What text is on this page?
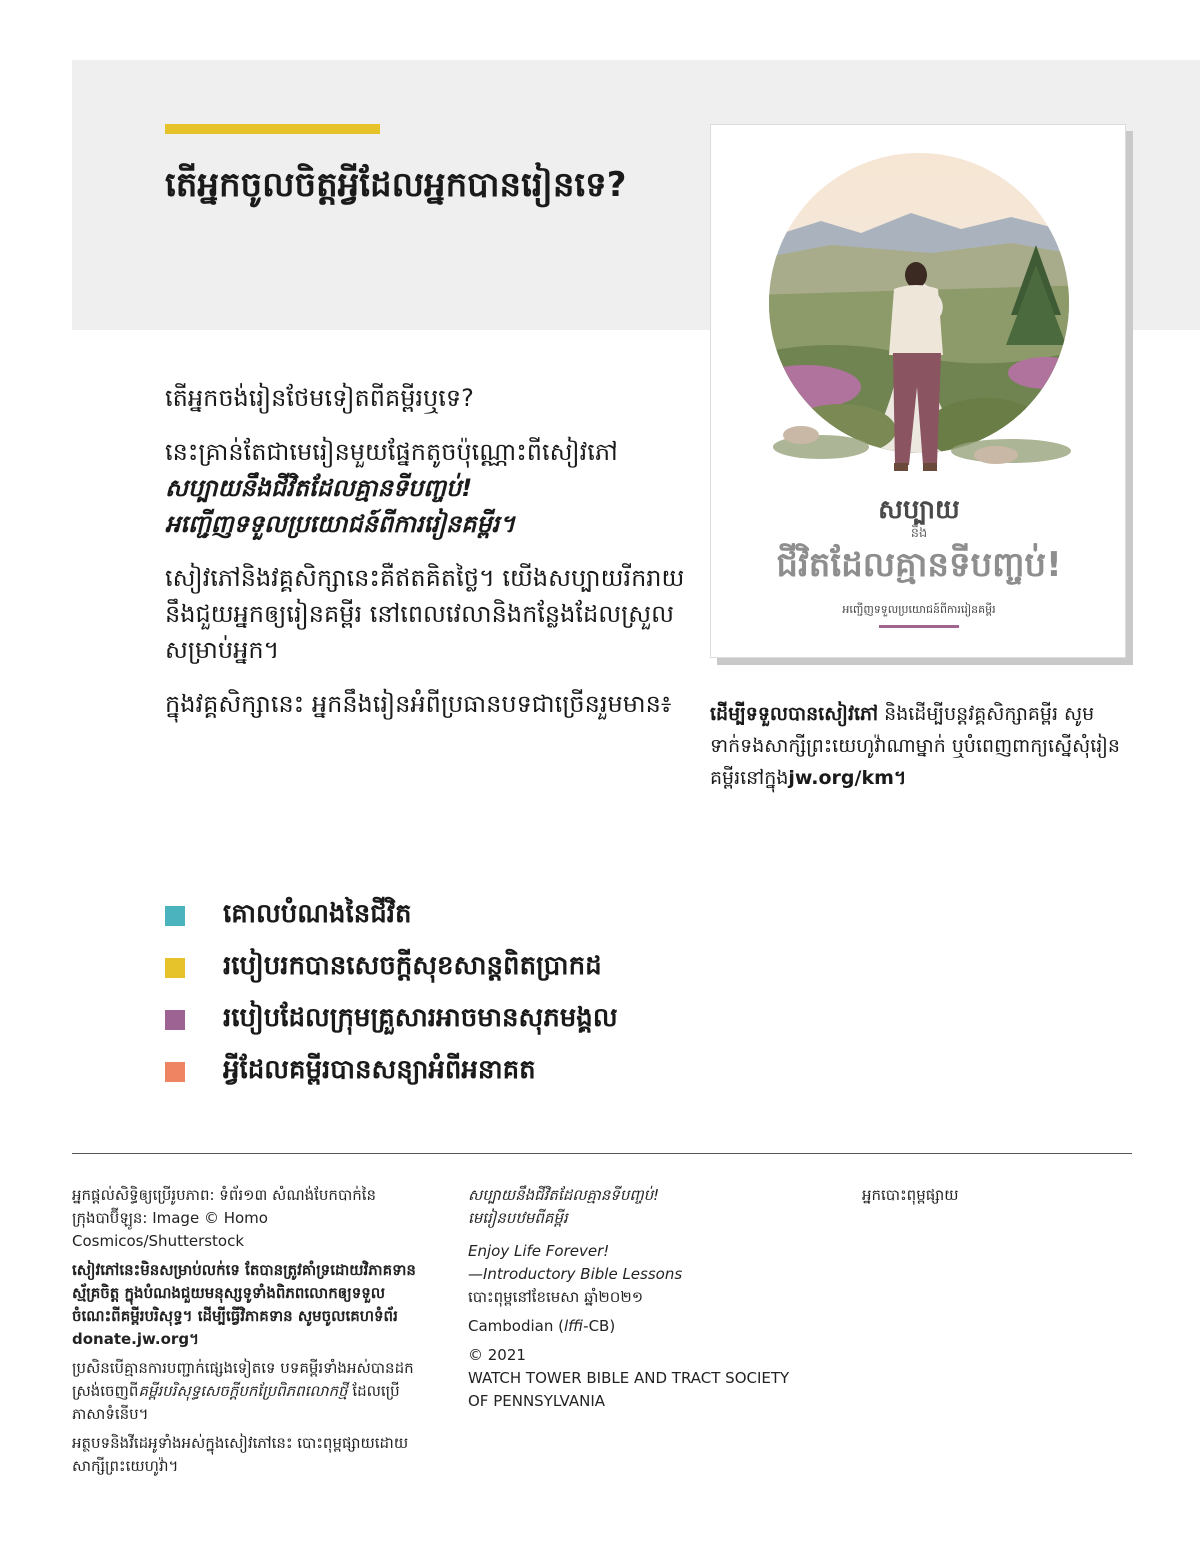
តើអ្នកចូលចិត្តអ្វីដែលអ្នកបានរៀនទេ?

តើអ្នកចង់រៀនថែមទៀតពីគម្ពីរឬទេ?

នេះគ្រាន់តែជាមេរៀនមួយផ្នែកតូចប៉ុណ្ណោះពីសៀវភៅ
សប្បាយនឹងជីវិតដែលគ្មានទីបញ្ចប់!
អញ្ជើញទទួលប្រយោជន៍ពីការរៀនគម្ពីរ។

សៀវភៅនិងវគ្គសិក្សានេះគឺឥតគិតថ្លៃ។ យើងសប្បាយរីករាយនឹងជួយអ្នកឲ្យរៀនគម្ពីរ នៅពេលវេលានិងកន្លែងដែលស្រួលសម្រាប់អ្នក។

ក្នុងវគ្គសិក្សានេះ អ្នកនឹងរៀនអំពីប្រធានបទជាច្រើនរួមមាន៖

គោលបំណងនៃជីវិត
របៀបរកបានសេចក្ដីសុខសាន្តពិតប្រាកដ
របៀបដែលក្រុមគ្រួសារអាចមានសុភមង្គល
អ្វីដែលគម្ពីរបានសន្យាអំពីអនាគត
សប្បាយ
នឹង
ជីវិតដែលគ្មានទីបញ្ចប់!
អញ្ជើញទទួលប្រយោជន៍ពីការរៀនគម្ពីរ
ដើម្បីទទួលបានសៀវភៅ និងដើម្បីបន្តវគ្គសិក្សាគម្ពីរ សូមទាក់ទងសាក្សីព្រះយេហូវ៉ាណាម្នាក់ ឬបំពេញពាក្យស្នើសុំរៀនគម្ពីរនៅក្នុងjw.org/km។

អ្នកផ្ដល់សិទ្ធិឲ្យប្រើរូបភាព: ទំព័រ១៣ សំណង់បែកបាក់នៃក្រុងបាប៊ីឡូន: Image © Homo Cosmicos/Shutterstock

សៀវភៅនេះមិនសម្រាប់លក់ទេ តែបានត្រូវគាំទ្រដោយវិភាគទានស្ម័គ្រចិត្ត ក្នុងបំណងជួយមនុស្សទូទាំងពិភពលោកឲ្យទទួលចំណេះពីគម្ពីរបរិសុទ្ធ។ ដើម្បីធ្វើវិភាគទាន សូមចូលគេហទំព័រ donate.jw.org។

ប្រសិនបើគ្មានការបញ្ជាក់ផ្សេងទៀតទេ បទគម្ពីរទាំងអស់បានដកស្រង់ចេញពីគម្ពីរបរិសុទ្ធសេចក្ដីបកប្រែពិភពលោកថ្មី ដែលប្រើភាសាទំនើប។

អត្ថបទនិងវីដេអូទាំងអស់ក្នុងសៀវភៅនេះ បោះពុម្ពផ្សាយដោយសាក្សីព្រះយេហូវ៉ា។

សប្បាយនឹងជីវិតដែលគ្មានទីបញ្ចប់!
មេរៀនបឋមពីគម្ពីរ

Enjoy Life Forever!
—Introductory Bible Lessons
បោះពុម្ពនៅខែមេសា ឆ្នាំ២០២១

Cambodian (lffi-CB)

© 2021
WATCH TOWER BIBLE AND TRACT SOCIETY
OF PENNSYLVANIA

អ្នកបោះពុម្ពផ្សាយ
